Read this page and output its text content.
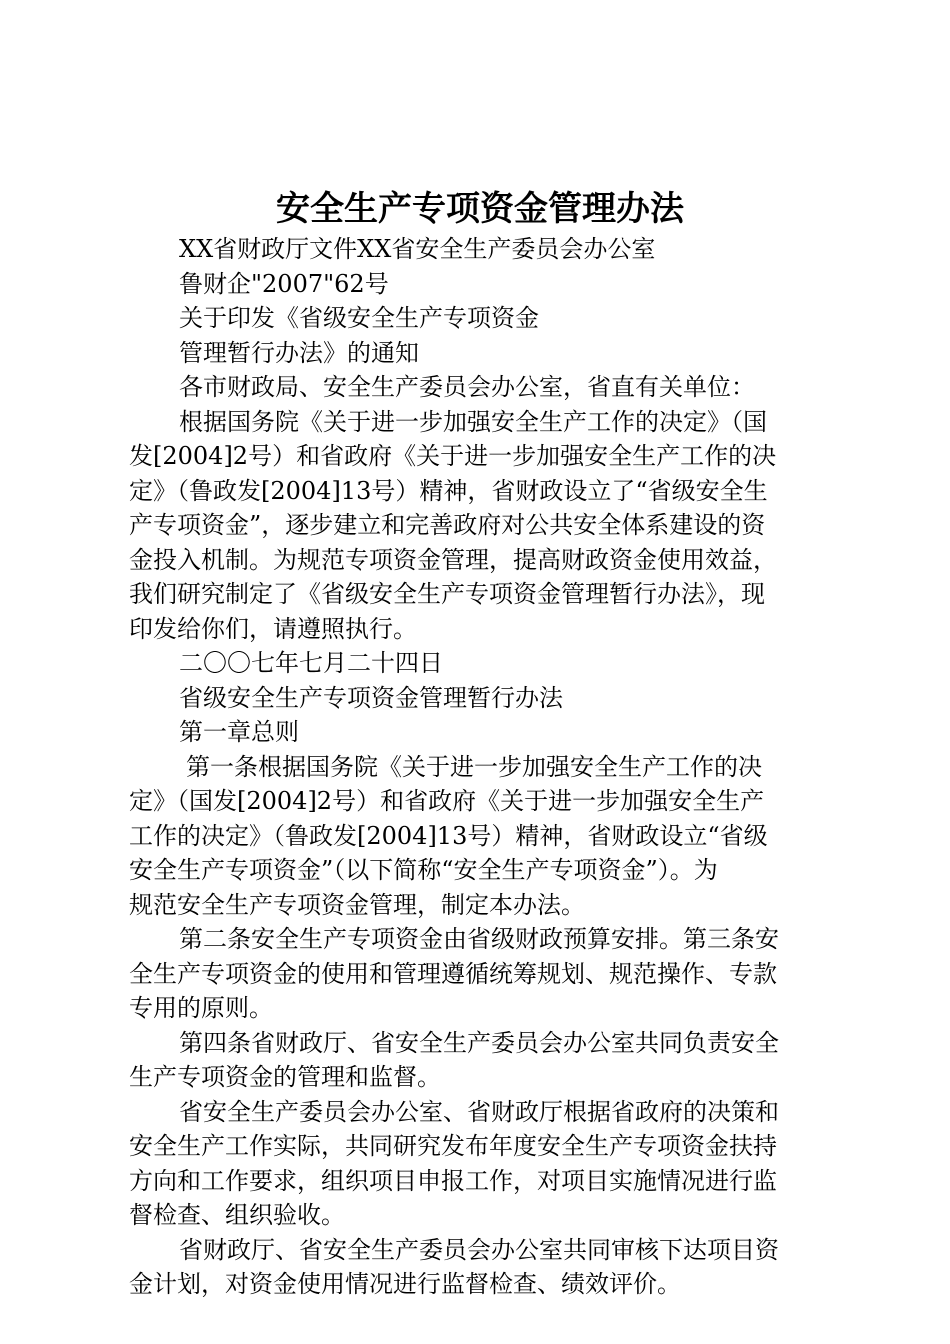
安全生产专项资金管理办法
XX省财政厅文件XX省安全生产委员会办公室
鲁财企"2007"62号
关于印发《省级安全生产专项资金
管理暂行办法》的通知
各市财政局、安全生产委员会办公室，省直有关单位：
根据国务院《关于进一步加强安全生产工作的决定》（国
发[2004]2号）和省政府《关于进一步加强安全生产工作的决
定》（鲁政发[2004]13号）精神，省财政设立了“省级安全生
产专项资金”，逐步建立和完善政府对公共安全体系建设的资
金投入机制。为规范专项资金管理，提高财政资金使用效益，
我们研究制定了《省级安全生产专项资金管理暂行办法》，现
印发给你们，请遵照执行。
二〇〇七年七月二十四日
省级安全生产专项资金管理暂行办法
第一章总则
第一条根据国务院《关于进一步加强安全生产工作的决
定》（国发[2004]2号）和省政府《关于进一步加强安全生产
工作的决定》（鲁政发[2004]13号）精神，省财政设立“省级
安全生产专项资金”（以下简称“安全生产专项资金”）。为
规范安全生产专项资金管理，制定本办法。
第二条安全生产专项资金由省级财政预算安排。第三条安
全生产专项资金的使用和管理遵循统筹规划、规范操作、专款
专用的原则。
第四条省财政厅、省安全生产委员会办公室共同负责安全
生产专项资金的管理和监督。
省安全生产委员会办公室、省财政厅根据省政府的决策和
安全生产工作实际，共同研究发布年度安全生产专项资金扶持
方向和工作要求，组织项目申报工作，对项目实施情况进行监
督检查、组织验收。
省财政厅、省安全生产委员会办公室共同审核下达项目资
金计划，对资金使用情况进行监督检查、绩效评价。
